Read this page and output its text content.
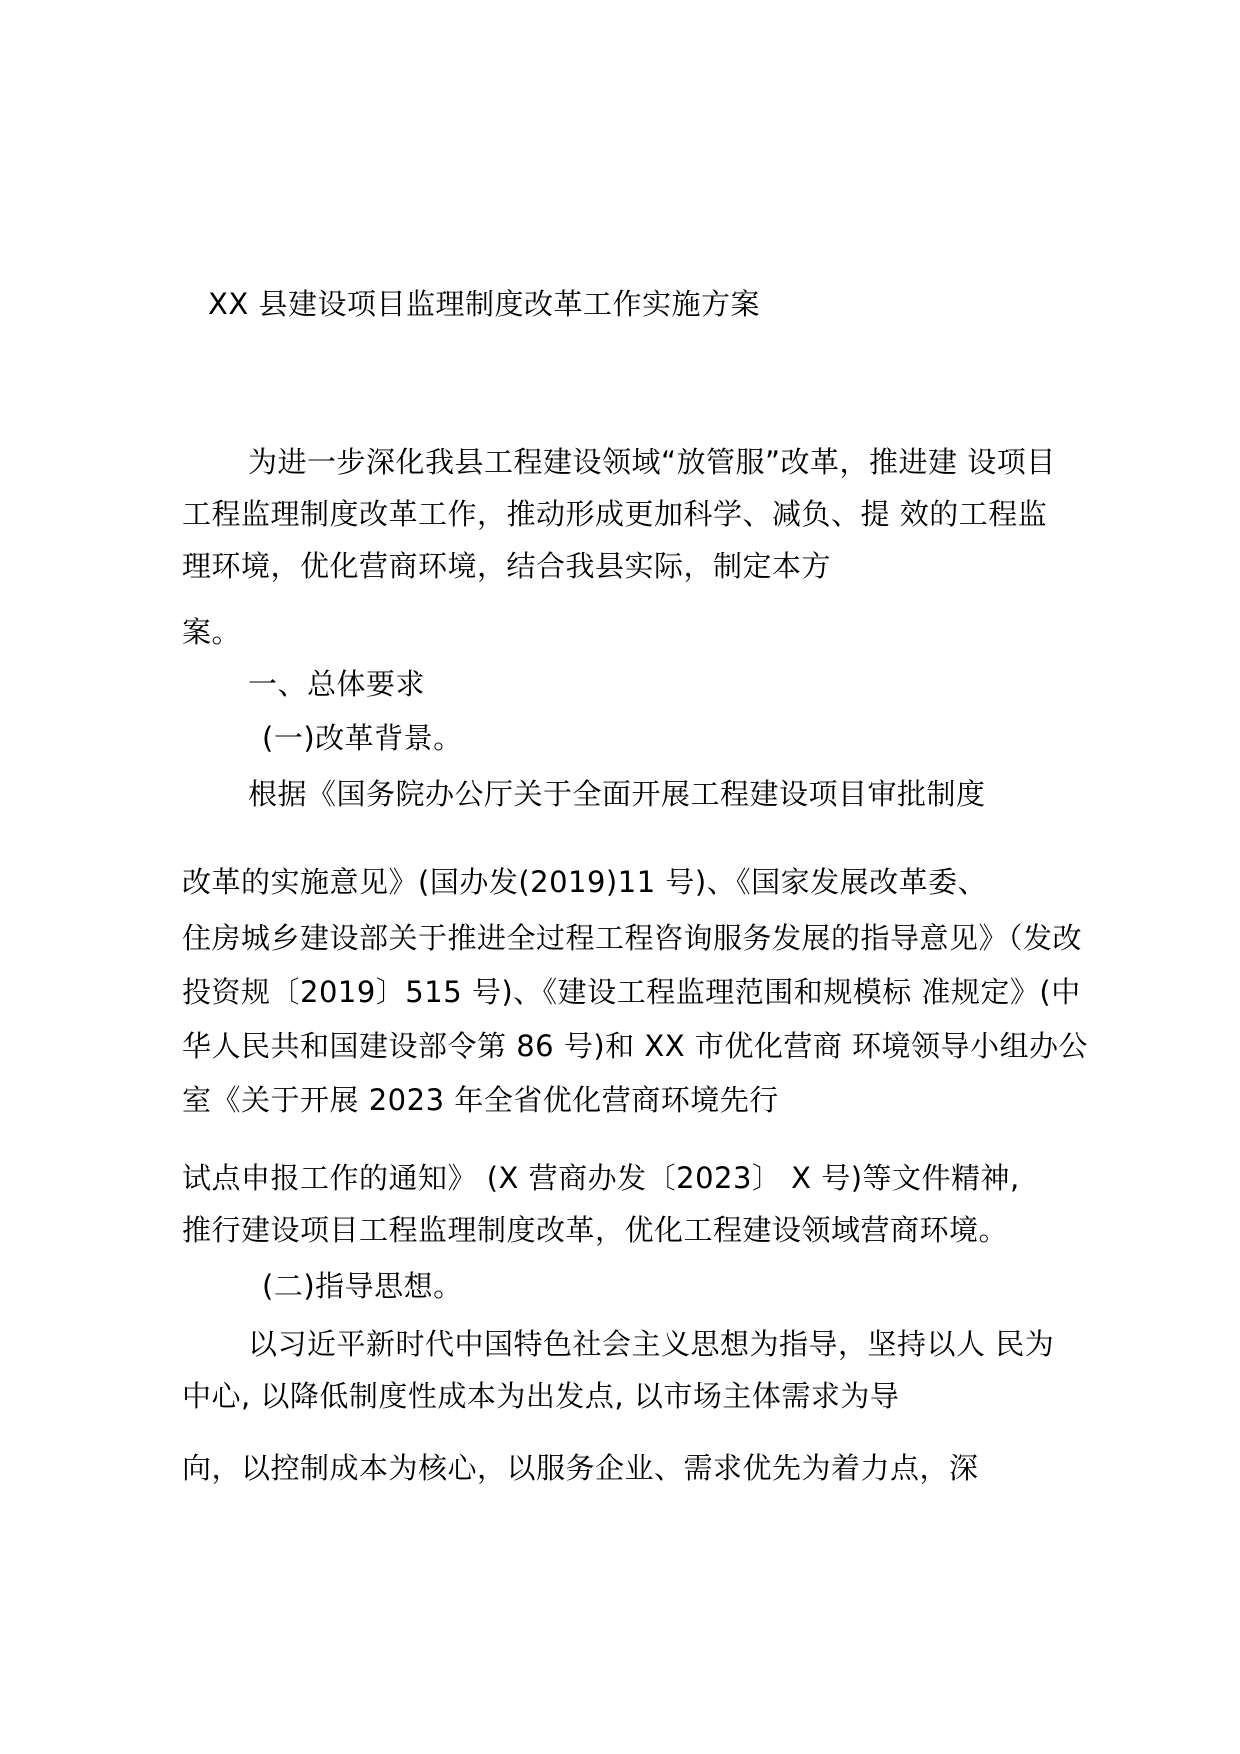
XX 县建设项目监理制度改革工作实施方案
为进一步深化我县工程建设领域“放管服”改革，推进建 设项目
工程监理制度改革工作，推动形成更加科学、减负、提 效的工程监
理环境，优化营商环境，结合我县实际，制定本方
案。
一、总体要求
(一)改革背景。
根据《国务院办公厅关于全面开展工程建设项目审批制度
改革的实施意见》(国办发(2019)11 号)、《国家发展改革委、
住房城乡建设部关于推进全过程工程咨询服务发展的指导意见》（发改
投资规〔2019〕515 号)、《建设工程监理范围和规模标 准规定》(中
华人民共和国建设部令第 86 号)和 XX 市优化营商 环境领导小组办公
室《关于开展 2023 年全省优化营商环境先行
试点申报工作的通知》 (X 营商办发〔2023〕 X 号)等文件精神,
推行建设项目工程监理制度改革，优化工程建设领域营商环境。
(二)指导思想。
以习近平新时代中国特色社会主义思想为指导，坚持以人 民为
中心, 以降低制度性成本为出发点, 以市场主体需求为导
向，以控制成本为核心，以服务企业、需求优先为着力点，深
